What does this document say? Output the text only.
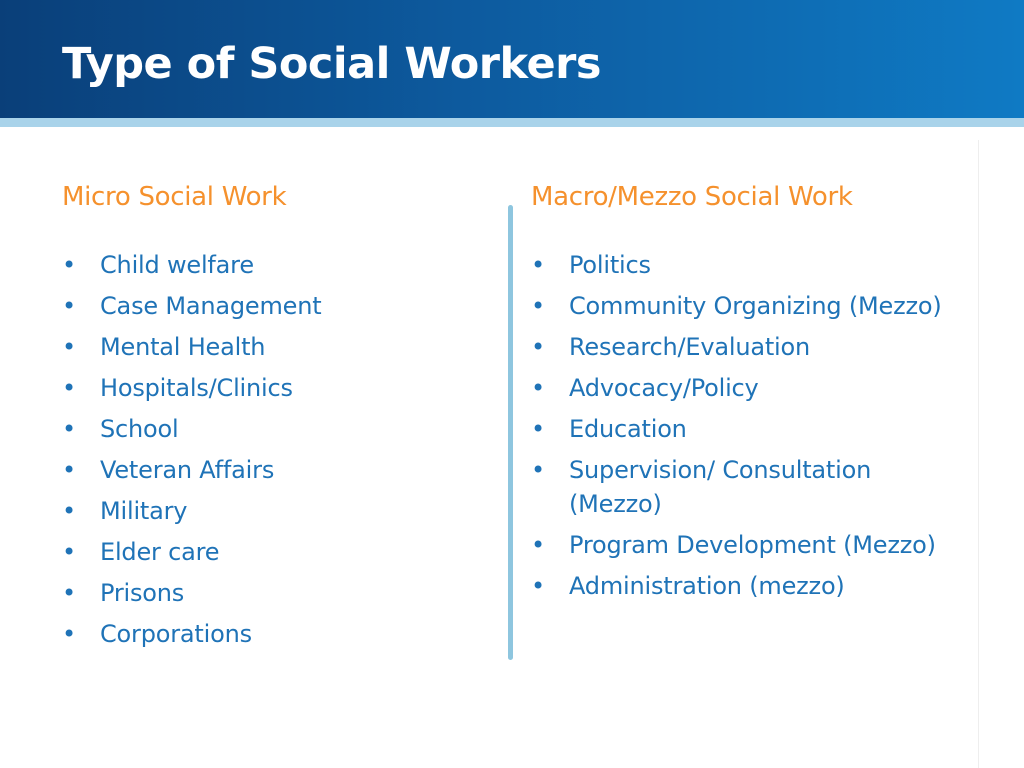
Type of Social Workers
Micro Social Work
• Child welfare
• Case Management
• Mental Health
• Hospitals/Clinics
• School
• Veteran Affairs
• Military
• Elder care
• Prisons
• Corporations
Macro/Mezzo Social Work
• Politics
• Community Organizing (Mezzo)
• Research/Evaluation
• Advocacy/Policy
• Education
• Supervision/ Consultation (Mezzo)
• Program Development (Mezzo)
• Administration (mezzo)
